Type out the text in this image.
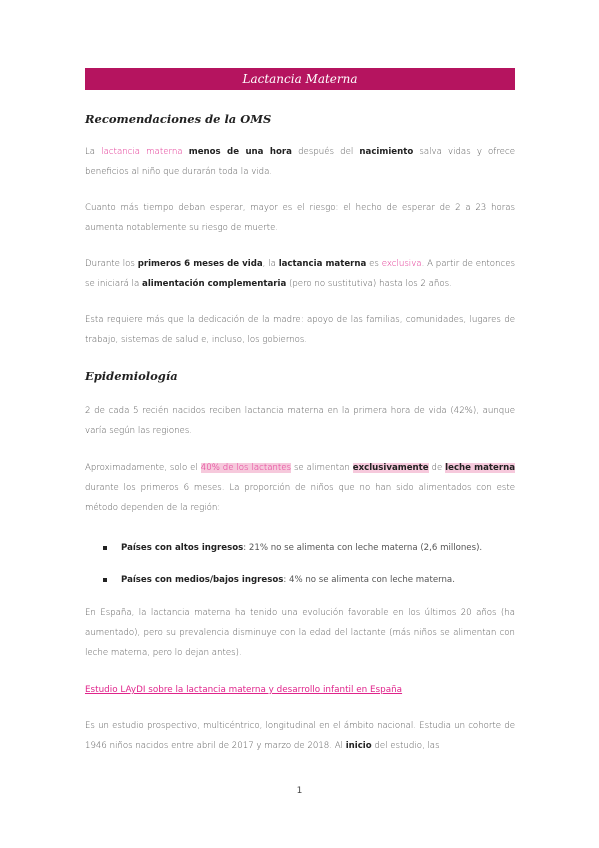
Lactancia Materna
Recomendaciones de la OMS
La lactancia materna menos de una hora después del nacimiento salva vidas y ofrece beneficios al niño que durarán toda la vida.
Cuanto más tiempo deban esperar, mayor es el riesgo: el hecho de esperar de 2 a 23 horas aumenta notablemente su riesgo de muerte.
Durante los primeros 6 meses de vida, la lactancia materna es exclusiva. A partir de entonces se iniciará la alimentación complementaria (pero no sustitutiva) hasta los 2 años.
Esta requiere más que la dedicación de la madre: apoyo de las familias, comunidades, lugares de trabajo, sistemas de salud e, incluso, los gobiernos.
Epidemiología
2 de cada 5 recién nacidos reciben lactancia materna en la primera hora de vida (42%), aunque varía según las regiones.
Aproximadamente, solo el 40% de los lactantes se alimentan exclusivamente de leche materna durante los primeros 6 meses. La proporción de niños que no han sido alimentados con este método dependen de la región:
Países con altos ingresos: 21% no se alimenta con leche materna (2,6 millones).
Países con medios/bajos ingresos: 4% no se alimenta con leche materna.
En España, la lactancia materna ha tenido una evolución favorable en los últimos 20 años (ha aumentado), pero su prevalencia disminuye con la edad del lactante (más niños se alimentan con leche materna, pero lo dejan antes).
Estudio LAyDI sobre la lactancia materna y desarrollo infantil en España
Es un estudio prospectivo, multicéntrico, longitudinal en el ámbito nacional. Estudia un cohorte de 1946 niños nacidos entre abril de 2017 y marzo de 2018. Al inicio del estudio, las
1
